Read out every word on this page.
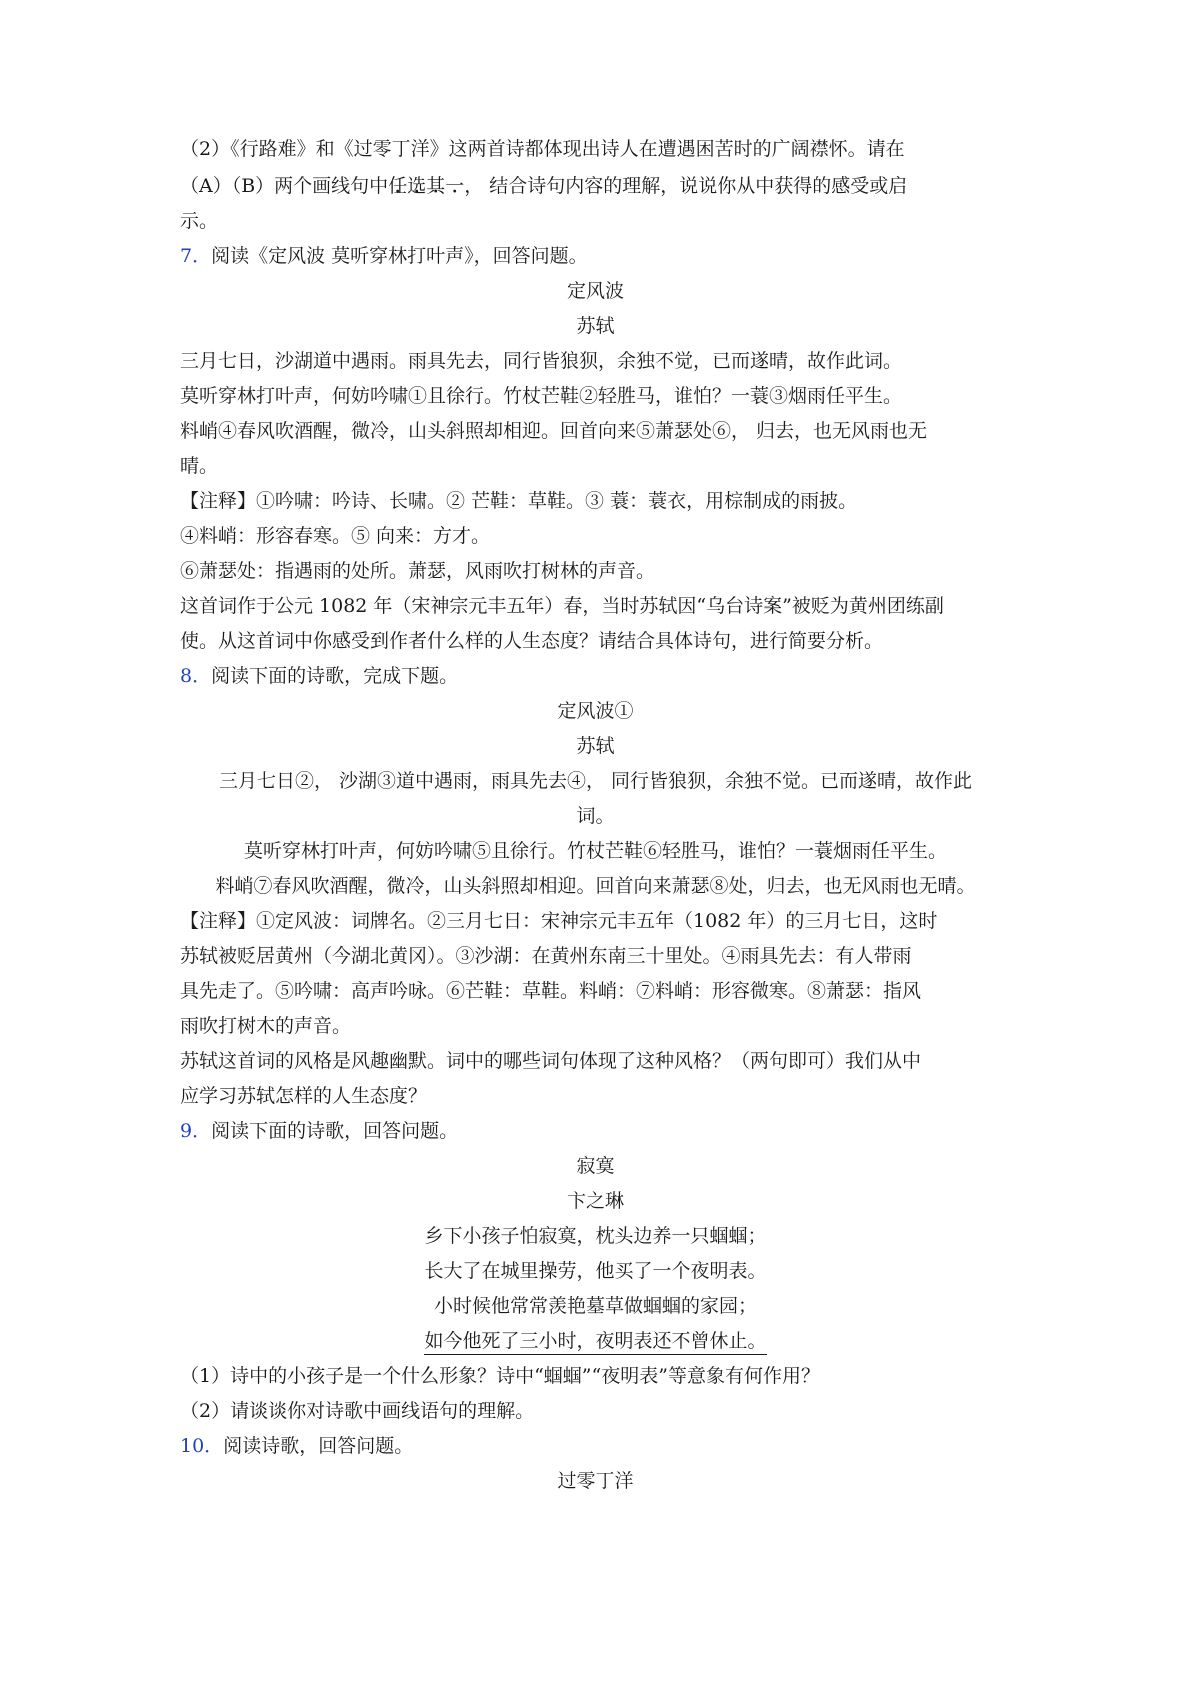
（2）《行路难》和《过零丁洋》这两首诗都体现出诗人在遭遇困苦时的广阔襟怀。请在
（A）（B）两个画线句中任选其一， 结合诗句内容的理解，说说你从中获得的感受或启
示。
7．阅读《定风波 莫听穿林打叶声》，回答问题。
定风波
苏轼
三月七日，沙湖道中遇雨。雨具先去，同行皆狼狈，余独不觉，已而遂晴，故作此词。
莫听穿林打叶声，何妨吟啸①且徐行。竹杖芒鞋②轻胜马，谁怕？一蓑③烟雨任平生。
料峭④春风吹酒醒，微冷，山头斜照却相迎。回首向来⑤萧瑟处⑥， 归去，也无风雨也无
晴。
【注释】①吟啸：吟诗、长啸。② 芒鞋：草鞋。③ 蓑：蓑衣，用棕制成的雨披。
④料峭：形容春寒。⑤ 向来：方才。
⑥萧瑟处：指遇雨的处所。萧瑟，风雨吹打树林的声音。
这首词作于公元 1082 年（宋神宗元丰五年）春，当时苏轼因“乌台诗案”被贬为黄州团练副
使。从这首词中你感受到作者什么样的人生态度？请结合具体诗句，进行简要分析。
8．阅读下面的诗歌，完成下题。
定风波①
苏轼
三月七日②， 沙湖③道中遇雨，雨具先去④， 同行皆狼狈，余独不觉。已而遂晴，故作此
词。
莫听穿林打叶声，何妨吟啸⑤且徐行。竹杖芒鞋⑥轻胜马，谁怕？一蓑烟雨任平生。
料峭⑦春风吹酒醒，微冷，山头斜照却相迎。回首向来萧瑟⑧处，归去，也无风雨也无晴。
【注释】①定风波：词牌名。②三月七日：宋神宗元丰五年（1082 年）的三月七日，这时
苏轼被贬居黄州（今湖北黄冈）。③沙湖：在黄州东南三十里处。④雨具先去：有人带雨
具先走了。⑤吟啸：高声吟咏。⑥芒鞋：草鞋。料峭：⑦料峭：形容微寒。⑧萧瑟：指风
雨吹打树木的声音。
苏轼这首词的风格是风趣幽默。词中的哪些词句体现了这种风格？（两句即可）我们从中
应学习苏轼怎样的人生态度？
9．阅读下面的诗歌，回答问题。
寂寞
卞之琳
乡下小孩子怕寂寞，枕头边养一只蝈蝈；
长大了在城里操劳，他买了一个夜明表。
小时候他常常羡艳墓草做蝈蝈的家园；
如今他死了三小时，夜明表还不曾休止。
（1）诗中的小孩子是一个什么形象？诗中“蝈蝈”“夜明表”等意象有何作用？
（2）请谈谈你对诗歌中画线语句的理解。
10．阅读诗歌，回答问题。
过零丁洋
